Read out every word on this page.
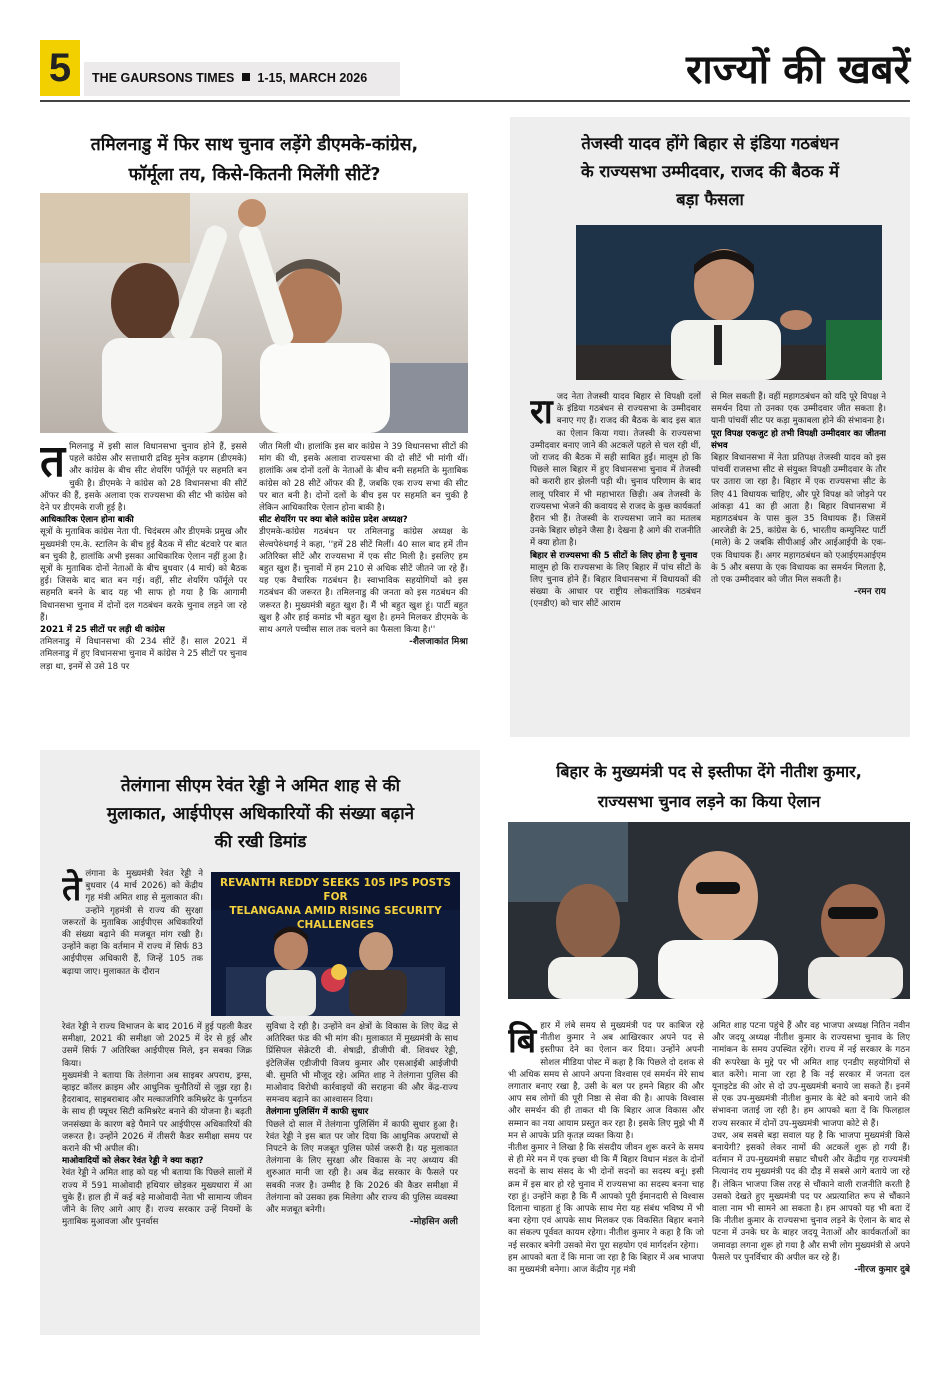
5	THE GAURSONS TIMES 1-15, MARCH 2026	राज्यों की खबरें
तमिलनाडु में फिर साथ चुनाव लड़ेंगे डीएमके-कांग्रेस,
फॉर्मूला तय, किसे-कितनी मिलेंगी सीटें?
त मिलनाडु में इसी साल विधानसभा चुनाव होने हैं, इससे पहले कांग्रेस और सत्ताधारी द्रविड़ मुनेत्र कड़गम (डीएमके) और कांग्रेस के बीच सीट शेयरिंग फॉर्मूले पर सहमति बन चुकी है। डीएमके ने कांग्रेस को 28 विधानसभा की सीटें ऑफर की हैं, इसके अलावा एक राज्यसभा की सीट भी कांग्रेस को देने पर डीएमके राजी हुई है।

आधिकारिक ऐलान होना बाकी

सूत्रों के मुताबिक कांग्रेस नेता पी. चिदंबरम और डीएमके प्रमुख और मुख्यमंत्री एम.के. स्टालिन के बीच हुई बैठक में सीट बंटवारे पर बात बन चुकी है, हालांकि अभी इसका आधिकारिक ऐलान नहीं हुआ है। सूत्रों के मुताबिक दोनों नेताओं के बीच बुधवार (4 मार्च) को बैठक हुई। जिसके बाद बात बन गई। वहीं, सीट शेयरिंग फॉर्मूले पर सहमति बनने के बाद यह भी साफ हो गया है कि आगामी विधानसभा चुनाव में दोनों दल गठबंधन करके चुनाव लड़ने जा रहे हैं।

2021 में 25 सीटों पर लड़ी थी कांग्रेस

तमिलनाडु में विधानसभा की 234 सीटें हैं। साल 2021 में तमिलनाडु में हुए विधानसभा चुनाव में कांग्रेस ने 25 सीटों पर चुनाव लड़ा था, इनमें से उसे 18 पर

जीत मिली थी। हालांकि इस बार कांग्रेस ने 39 विधानसभा सीटों की मांग की थी, इसके अलावा राज्यसभा की दो सीटें भी मांगी थीं। हालांकि अब दोनों दलों के नेताओं के बीच बनी सहमति के मुताबिक कांग्रेस को 28 सीटें ऑफर की हैं, जबकि एक राज्य सभा की सीट पर बात बनी है। दोनों दलों के बीच इस पर सहमति बन चुकी है लेकिन आधिकारिक ऐलान होना बाकी है।

सीट शेयरिंग पर क्या बोले कांग्रेस प्रदेश अध्यक्ष?

डीएमके-कांग्रेस गठबंधन पर तमिलनाडु कांग्रेस अध्यक्ष के सेल्वपेरुंथगई ने कहा, ''हमें 28 सीटें मिलीं। 40 साल बाद हमें तीन अतिरिक्त सीटें और राज्यसभा में एक सीट मिली है। इसलिए हम बहुत खुश हैं। चुनावों में हम 210 से अधिक सीटें जीतने जा रहे हैं। यह एक वैचारिक गठबंधन है। स्वाभाविक सहयोगियों को इस गठबंधन की जरूरत है। तमिलनाडु की जनता को इस गठबंधन की जरूरत है। मुख्यमंत्री बहुत खुश हैं। मैं भी बहुत खुश हूं। पार्टी बहुत खुश है और हाई कमांड भी बहुत खुश है। हमने मिलकर डीएमके के साथ अगले पच्चीस साल तक चलने का फैसला किया है।''

-शैलजाकांत मिश्रा

तेजस्वी यादव होंगे बिहार से इंडिया गठबंधन
के राज्यसभा उम्मीदवार, राजद की बैठक में
बड़ा फैसला
रा जद नेता तेजस्वी यादव बिहार से विपक्षी दलों के इंडिया गठबंधन से राज्यसभा के उम्मीदवार बनाए गए हैं। राजद की बैठक के बाद इस बात का ऐलान किया गया। तेजस्वी के राज्यसभा उम्मीदवार बनाए जाने की अटकलें पहले से चल रही थीं, जो राजद की बैठक में सही साबित हुईं। मालूम हो कि पिछले साल बिहार में हुए विधानसभा चुनाव में तेजस्वी को करारी हार झेलनी पड़ी थी। चुनाव परिणाम के बाद लालू परिवार में भी महाभारत छिड़ी। अब तेजस्वी के राज्यसभा भेजने की कवायद से राजद के कुछ कार्यकर्ता हैरान भी हैं। तेजस्वी के राज्यसभा जाने का मतलब उनके बिहार छोड़ने जैसा है। देखना है आगे की राजनीति में क्या होता है।

बिहार से राज्यसभा की 5 सीटों के लिए होना है चुनाव

मालूम हो कि राज्यसभा के लिए बिहार में पांच सीटों के लिए चुनाव होने हैं। बिहार विधानसभा में विधायकों की संख्या के आधार पर राष्ट्रीय लोकतांत्रिक गठबंधन (एनडीए) को चार सीटें आराम

से मिल सकती हैं। वहीं महागठबंधन को यदि पूरे विपक्ष ने समर्थन दिया तो उनका एक उम्मीदवार जीत सकता है। यानी पांचवीं सीट पर कड़ा मुकाबला होने की संभावना है।

पूरा विपक्ष एकजुट हो तभी विपक्षी उम्मीदवार का जीतना संभव

बिहार विधानसभा में नेता प्रतिपक्ष तेजस्वी यादव को इस पांचवीं राजसभा सीट से संयुक्त विपक्षी उम्मीदवार के तौर पर उतारा जा रहा है। बिहार में एक राज्यसभा सीट के लिए 41 विधायक चाहिए, और पूरे विपक्ष को जोड़ने पर आंकड़ा 41 का ही आता है। बिहार विधानसभा में महागठबंधन के पास कुल 35 विधायक हैं। जिसमें आरजेडी के 25, कांग्रेस के 6, भारतीय कम्युनिस्ट पार्टी (माले) के 2 जबकि सीपीआई और आईआईपी के एक-एक विधायक हैं। अगर महागठबंधन को एआईएमआईएम के 5 और बसपा के एक विधायक का समर्थन मिलता है, तो एक उम्मीदवार को जीत मिल सकती है।

-रमन राय

तेलंगाना सीएम रेवंत रेड्डी ने अमित शाह से की
मुलाकात, आईपीएस अधिकारियों की संख्या बढ़ाने
की रखी डिमांड
ते लंगाना के मुख्यमंत्री रेवंत रेड्डी ने बुधवार (4 मार्च 2026) को केंद्रीय गृह मंत्री अमित शाह से मुलाकात की। उन्होंने गृहमंत्री से राज्य की सुरक्षा जरूरतों के मुताबिक आईपीएस अधिकारियों की संख्या बढ़ाने की मजबूत मांग रखी है। उन्होंने कहा कि वर्तमान में राज्य में सिर्फ 83 आईपीएस अधिकारी हैं, जिन्हें 105 तक बढ़ाया जाए। मुलाकात के दौरान

REVANTH REDDY SEEKS 105 IPS POSTS FOR
TELANGANA AMID RISING SECURITY CHALLENGES

रेवंत रेड्डी ने राज्य विभाजन के बाद 2016 में हुई पहली कैडर समीक्षा, 2021 की समीक्षा जो 2025 में देर से हुई और उसमें सिर्फ 7 अतिरिक्त आईपीएस मिले, इन सबका जिक्र किया।

मुख्यमंत्री ने बताया कि तेलंगाना अब साइबर अपराध, ड्रग्स, व्हाइट कॉलर क्राइम और आधुनिक चुनौतियों से जूझ रहा है। हैदराबाद, साइबराबाद और मल्काजगिरि कमिश्नरेट के पुनर्गठन के साथ ही फ्यूचर सिटी कमिश्नरेट बनाने की योजना है। बढ़ती जनसंख्या के कारण बड़े पैमाने पर आईपीएस अधिकारियों की जरूरत है। उन्होंने 2026 में तीसरी कैडर समीक्षा समय पर कराने की भी अपील की।

माओवादियों को लेकर रेवंत रेड्डी ने क्या कहा?

रेवंत रेड्डी ने अमित शाह को यह भी बताया कि पिछले सालों में राज्य में 591 माओवादी हथियार छोड़कर मुख्यधारा में आ चुके हैं। हाल ही में कई बड़े माओवादी नेता भी सामान्य जीवन जीने के लिए आगे आए हैं। राज्य सरकार उन्हें नियमों के मुताबिक मुआवजा और पुनर्वास

सुविधा दे रही है। उन्होंने वन क्षेत्रों के विकास के लिए केंद्र से अतिरिक्त फंड की भी मांग की। मुलाकात में मुख्यमंत्री के साथ प्रिंसिपल सेक्रेटरी वी. शेषाद्री, डीजीपी बी. शिवधर रेड्डी, इंटेलिजेंस एडीजीपी विजय कुमार और एसआईबी आईजीपी बी. सुमति भी मौजूद रहे। अमित शाह ने तेलंगाना पुलिस की माओवाद विरोधी कार्रवाइयों की सराहना की और केंद्र-राज्य समन्वय बढ़ाने का आश्वासन दिया।

तेलंगाना पुलिसिंग में काफी सुधार

पिछले दो साल में तेलंगाना पुलिसिंग में काफी सुधार हुआ है। रेवंत रेड्डी ने इस बात पर जोर दिया कि आधुनिक अपराधों से निपटने के लिए मजबूत पुलिस फोर्स जरूरी है। यह मुलाकात तेलंगाना के लिए सुरक्षा और विकास के नए अध्याय की शुरुआत मानी जा रही है। अब केंद्र सरकार के फैसले पर सबकी नजर है। उम्मीद है कि 2026 की कैडर समीक्षा में तेलंगाना को उसका हक मिलेगा और राज्य की पुलिस व्यवस्था और मजबूत बनेगी।

-मोहसिन अली

बिहार के मुख्यमंत्री पद से इस्तीफा देंगे नीतीश कुमार,
राज्यसभा चुनाव लड़ने का किया ऐलान
बि हार में लंबे समय से मुख्यमंत्री पद पर काबिज रहे नीतीश कुमार ने अब आखिरकार अपने पद से इस्तीफा देने का ऐलान कर दिया। उन्होंने अपनी सोशल मीडिया पोस्ट में कहा है कि पिछले दो दशक से भी अधिक समय से आपने अपना विश्वास एवं समर्थन मेरे साथ लगातार बनाए रखा है, उसी के बल पर हमने बिहार की और आप सब लोगों की पूरी निष्ठा से सेवा की है। आपके विश्वास और समर्थन की ही ताकत थी कि बिहार आज विकास और सम्मान का नया आयाम प्रस्तुत कर रहा है। इसके लिए मुझे भी मैं मन से आपके प्रति कृतज्ञ व्यक्त किया है।

नीतीश कुमार ने लिखा है कि संसदीय जीवन शुरू करने के समय से ही मेरे मन में एक इच्छा थी कि मैं बिहार विधान मंडल के दोनों सदनों के साथ संसद के भी दोनों सदनों का सदस्य बनूं। इसी क्रम में इस बार हो रहे चुनाव में राज्यसभा का सदस्य बनना चाह रहा हूं। उन्होंने कहा है कि मैं आपको पूरी ईमानदारी से विश्वास दिलाना चाहता हूं कि आपके साथ मेरा यह संबंध भविष्य में भी बना रहेगा एवं आपके साथ मिलकर एक विकसित बिहार बनाने का संकल्प पूर्ववत कायम रहेगा। नीतीश कुमार ने कहा है कि जो नई सरकार बनेगी उसको मेरा पूरा सहयोग एवं मार्गदर्शन रहेगा।

हम आपको बता दें कि माना जा रहा है कि बिहार में अब भाजपा का मुख्यमंत्री बनेगा। आज केंद्रीय गृह मंत्री

अमित शाह पटना पहुंचे हैं और वह भाजपा अध्यक्ष नितिन नवीन और जदयू अध्यक्ष नीतीश कुमार के राज्यसभा चुनाव के लिए नामांकन के समय उपस्थित रहेंगे। राज्य में नई सरकार के गठन की रूपरेखा के मुद्दे पर भी अमित शाह एनडीए सहयोगियों से बात करेंगे। माना जा रहा है कि नई सरकार में जनता दल यूनाइटेड की ओर से दो उप-मुख्यमंत्री बनाये जा सकते हैं। इनमें से एक उप-मुख्यमंत्री नीतीश कुमार के बेटे को बनाये जाने की संभावना जताई जा रही है। हम आपको बता दें कि फिलहाल राज्य सरकार में दोनों उप-मुख्यमंत्री भाजपा कोटे से हैं।

उधर, अब सबसे बड़ा सवाल यह है कि भाजपा मुख्यमंत्री किसे बनायेगी? इसको लेकर नामों की अटकलें शुरू हो गयी हैं। वर्तमान में उप-मुख्यमंत्री सम्राट चौधरी और केंद्रीय गृह राज्यमंत्री नित्यानंद राय मुख्यमंत्री पद की दौड़ में सबसे आगे बताये जा रहे हैं। लेकिन भाजपा जिस तरह से चौंकाने वाली राजनीति करती है उसको देखते हुए मुख्यमंत्री पद पर अप्रत्याशित रूप से चौंकाने वाला नाम भी सामने आ सकता है। हम आपको यह भी बता दें कि नीतीश कुमार के राज्यसभा चुनाव लड़ने के ऐलान के बाद से पटना में उनके घर के बाहर जदयू नेताओं और कार्यकर्ताओं का जमावड़ा लगना शुरू हो गया है और सभी लोग मुख्यमंत्री से अपने फैसले पर पुनर्विचार की अपील कर रहे हैं।

-नीरज कुमार दुबे
